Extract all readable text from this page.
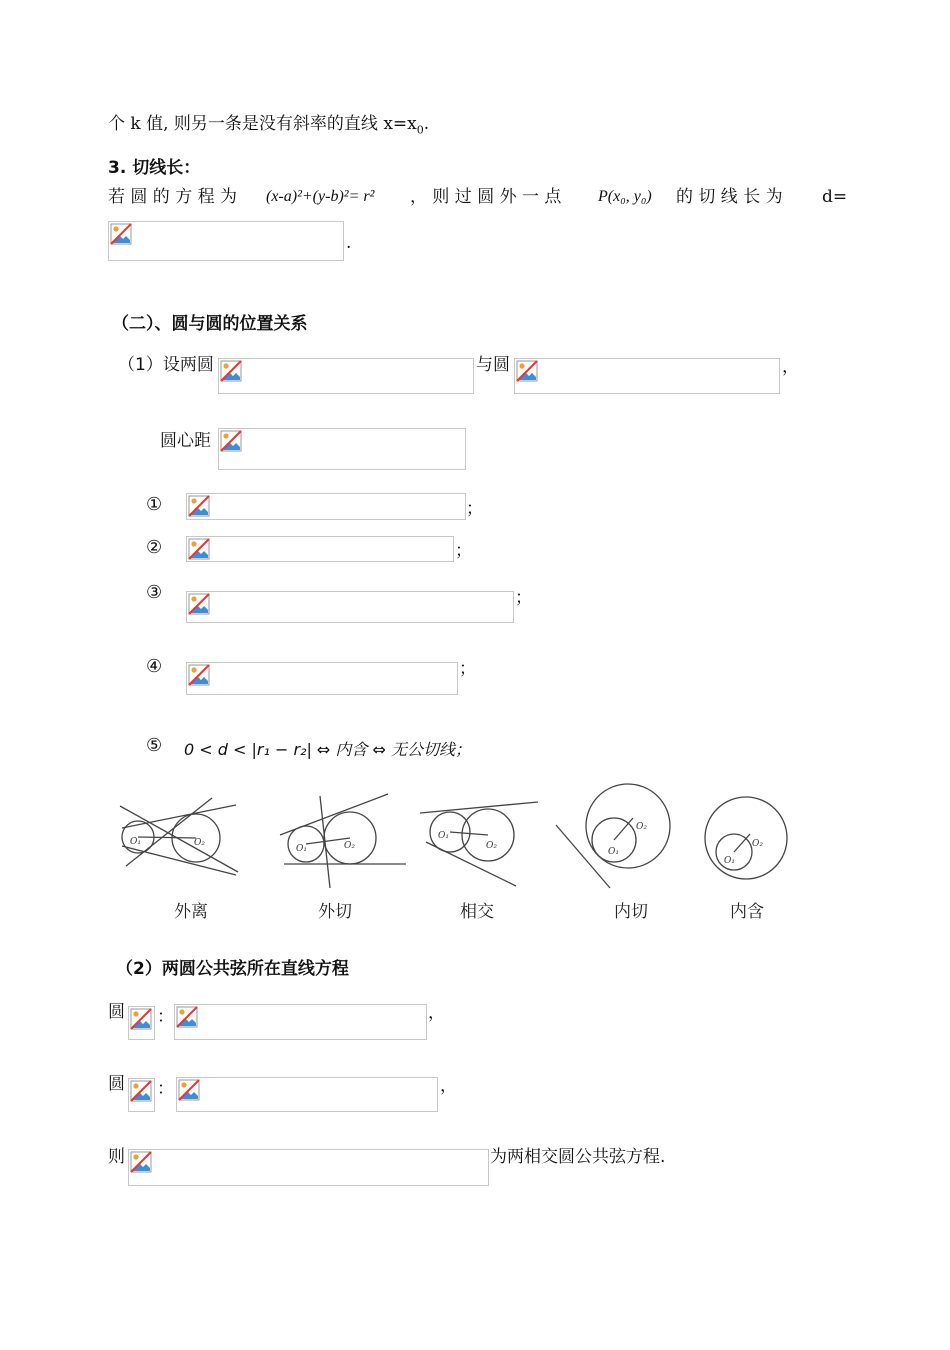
个 k 值, 则另一条是没有斜率的直线 $x=x_0$.
3. 切线长：
若 圆 的 方 程 为 (x-a)²+(y-b)²= r² ， 则 过 圆 外 一 点 P(x₀, y₀) 的 切 线 长 为 d=
.
（二）、圆与圆的位置关系
（1）设两圆	与圆	，
圆心距
①	；
②	；
③	；
④	；
⑤ 0 < d < |r₁ − r₂| ⇔ 内含 ⇔ 无公切线；
O₁	O₂
O₁	O₂
O₁
O₂
O₁
O₂
O₁
O₂
外离	外切	相交	内切	内含
（2）两圆公共弦所在直线方程
圆 ：	，
圆 ：	，
则	为两相交圆公共弦方程.
